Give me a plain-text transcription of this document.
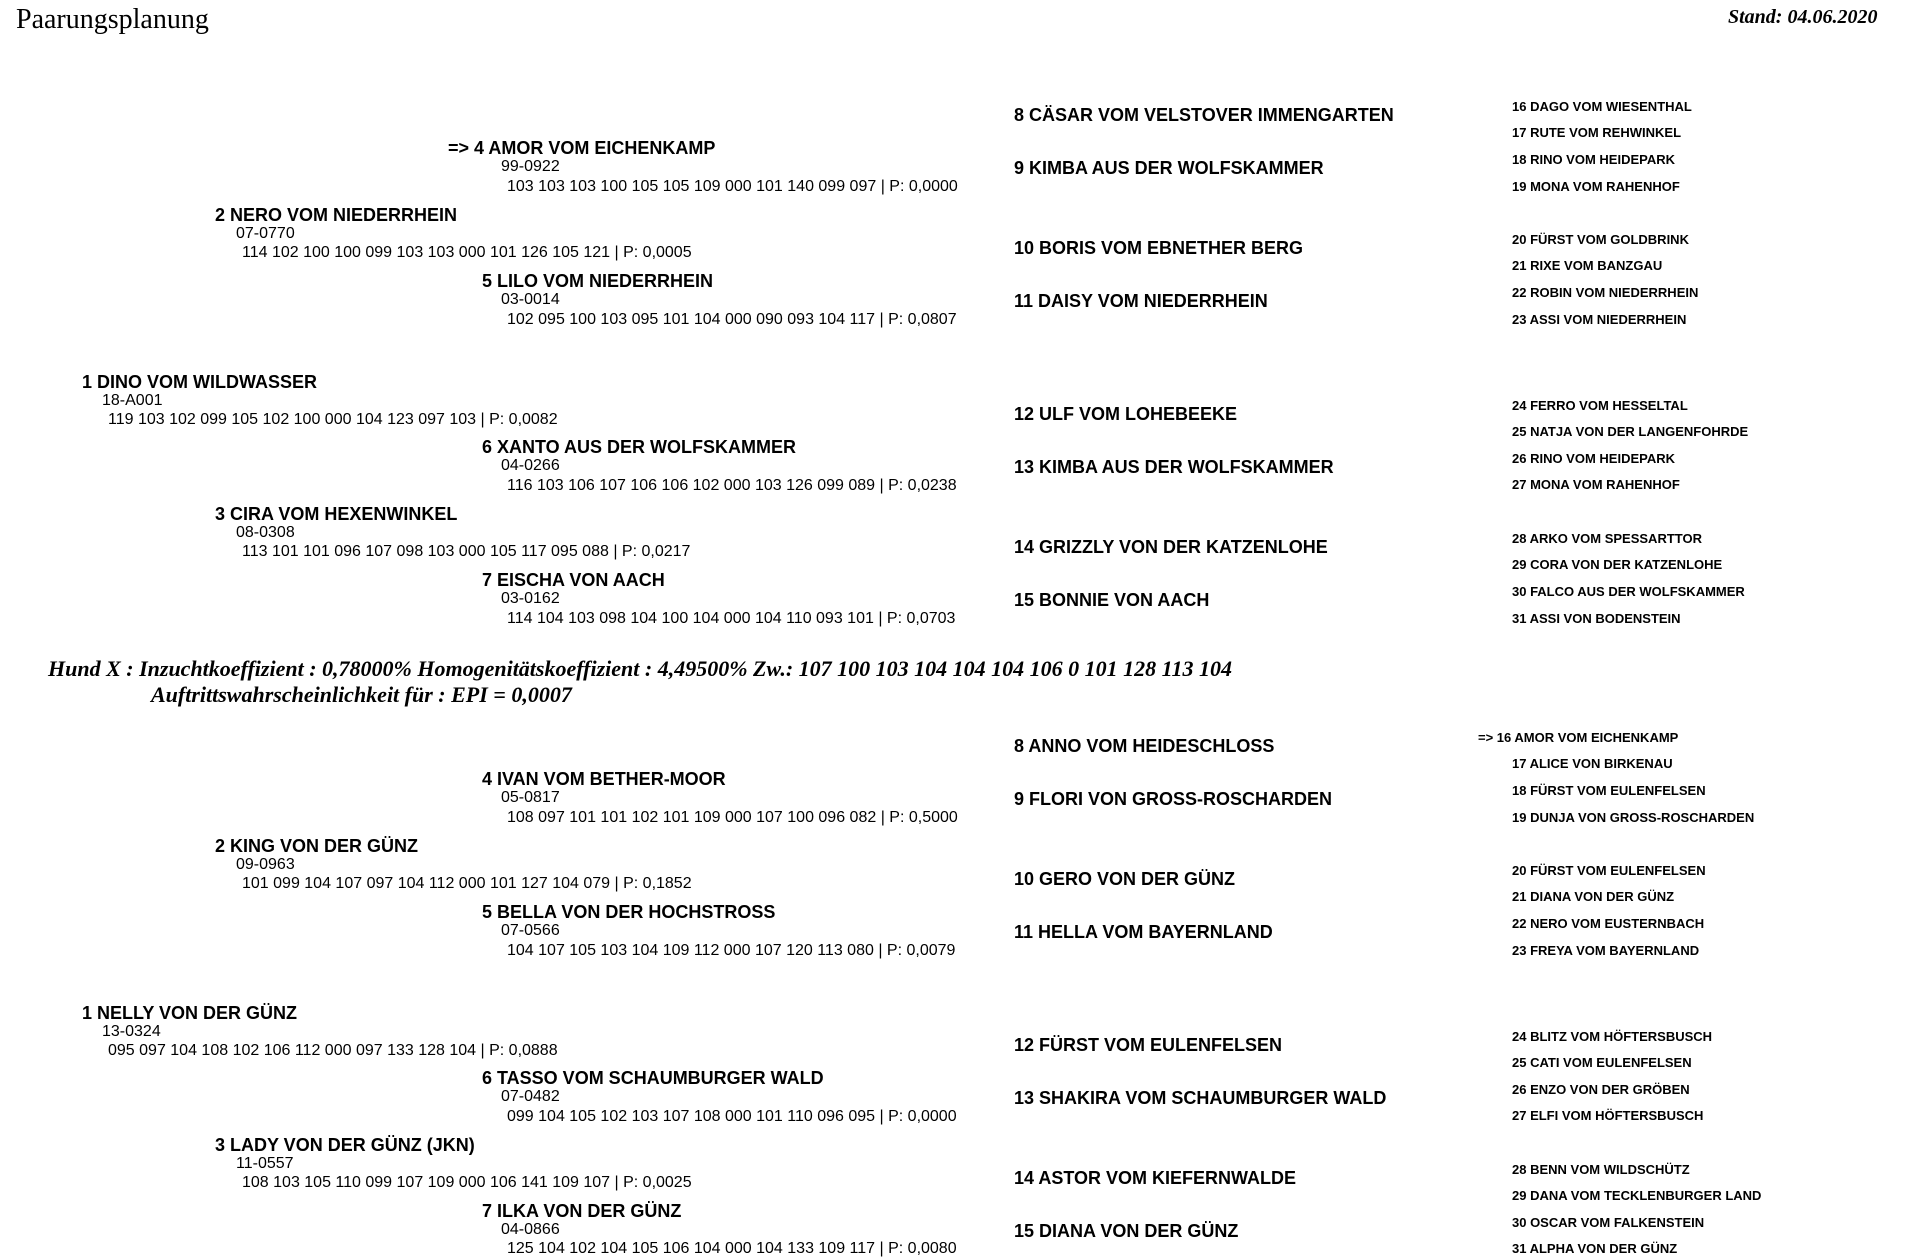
Paarungsplanung	Stand: 04.06.2020
1 DINO VOM WILDWASSER
18-A001
119 103 102 099 105 102 100 000 104 123 097 103 | P: 0,0082
2 NERO VOM NIEDERRHEIN
07-0770
114 102 100 100 099 103 103 000 101 126 105 121 | P: 0,0005
3 CIRA VOM HEXENWINKEL
08-0308
113 101 101 096 107 098 103 000 105 117 095 088 | P: 0,0217
=> 4 AMOR VOM EICHENKAMP
99-0922
103 103 103 100 105 105 109 000 101 140 099 097 | P: 0,0000
5 LILO VOM NIEDERRHEIN
03-0014
102 095 100 103 095 101 104 000 090 093 104 117 | P: 0,0807
6 XANTO AUS DER WOLFSKAMMER
04-0266
116 103 106 107 106 106 102 000 103 126 099 089 | P: 0,0238
7 EISCHA VON AACH
03-0162
114 104 103 098 104 100 104 000 104 110 093 101 | P: 0,0703
8 CÄSAR VOM VELSTOVER IMMENGARTEN
9 KIMBA AUS DER WOLFSKAMMER
10 BORIS VOM EBNETHER BERG
11 DAISY VOM NIEDERRHEIN
12 ULF VOM LOHEBEEKE
13 KIMBA AUS DER WOLFSKAMMER
14 GRIZZLY VON DER KATZENLOHE
15 BONNIE VON AACH
16 DAGO VOM WIESENTHAL
17 RUTE VOM REHWINKEL
18 RINO VOM HEIDEPARK
19 MONA VOM RAHENHOF
20 FÜRST VOM GOLDBRINK
21 RIXE VOM BANZGAU
22 ROBIN VOM NIEDERRHEIN
23 ASSI VOM NIEDERRHEIN
24 FERRO VOM HESSELTAL
25 NATJA VON DER LANGENFOHRDE
26 RINO VOM HEIDEPARK
27 MONA VOM RAHENHOF
28 ARKO VOM SPESSARTTOR
29 CORA VON DER KATZENLOHE
30 FALCO AUS DER WOLFSKAMMER
31 ASSI VON BODENSTEIN
Hund X : Inzuchtkoeffizient : 0,78000% Homogenitätskoeffizient : 4,49500% Zw.: 107 100 103 104 104 104 106 0 101 128 113 104
Auftrittswahrscheinlichkeit für : EPI = 0,0007
1 NELLY VON DER GÜNZ
13-0324
095 097 104 108 102 106 112 000 097 133 128 104 | P: 0,0888
2 KING VON DER GÜNZ
09-0963
101 099 104 107 097 104 112 000 101 127 104 079 | P: 0,1852
3 LADY VON DER GÜNZ (JKN)
11-0557
108 103 105 110 099 107 109 000 106 141 109 107 | P: 0,0025
4 IVAN VOM BETHER-MOOR
05-0817
108 097 101 101 102 101 109 000 107 100 096 082 | P: 0,5000
5 BELLA VON DER HOCHSTROSS
07-0566
104 107 105 103 104 109 112 000 107 120 113 080 | P: 0,0079
6 TASSO VOM SCHAUMBURGER WALD
07-0482
099 104 105 102 103 107 108 000 101 110 096 095 | P: 0,0000
7 ILKA VON DER GÜNZ
04-0866
125 104 102 104 105 106 104 000 104 133 109 117 | P: 0,0080
8 ANNO VOM HEIDESCHLOSS
9 FLORI VON GROSS-ROSCHARDEN
10 GERO VON DER GÜNZ
11 HELLA VOM BAYERNLAND
12 FÜRST VOM EULENFELSEN
13 SHAKIRA VOM SCHAUMBURGER WALD
14 ASTOR VOM KIEFERNWALDE
15 DIANA VON DER GÜNZ
=> 16 AMOR VOM EICHENKAMP
17 ALICE VON BIRKENAU
18 FÜRST VOM EULENFELSEN
19 DUNJA VON GROSS-ROSCHARDEN
20 FÜRST VOM EULENFELSEN
21 DIANA VON DER GÜNZ
22 NERO VOM EUSTERNBACH
23 FREYA VOM BAYERNLAND
24 BLITZ VOM HÖFTERSBUSCH
25 CATI VOM EULENFELSEN
26 ENZO VON DER GRÖBEN
27 ELFI VOM HÖFTERSBUSCH
28 BENN VOM WILDSCHÜTZ
29 DANA VOM TECKLENBURGER LAND
30 OSCAR VOM FALKENSTEIN
31 ALPHA VON DER GÜNZ
